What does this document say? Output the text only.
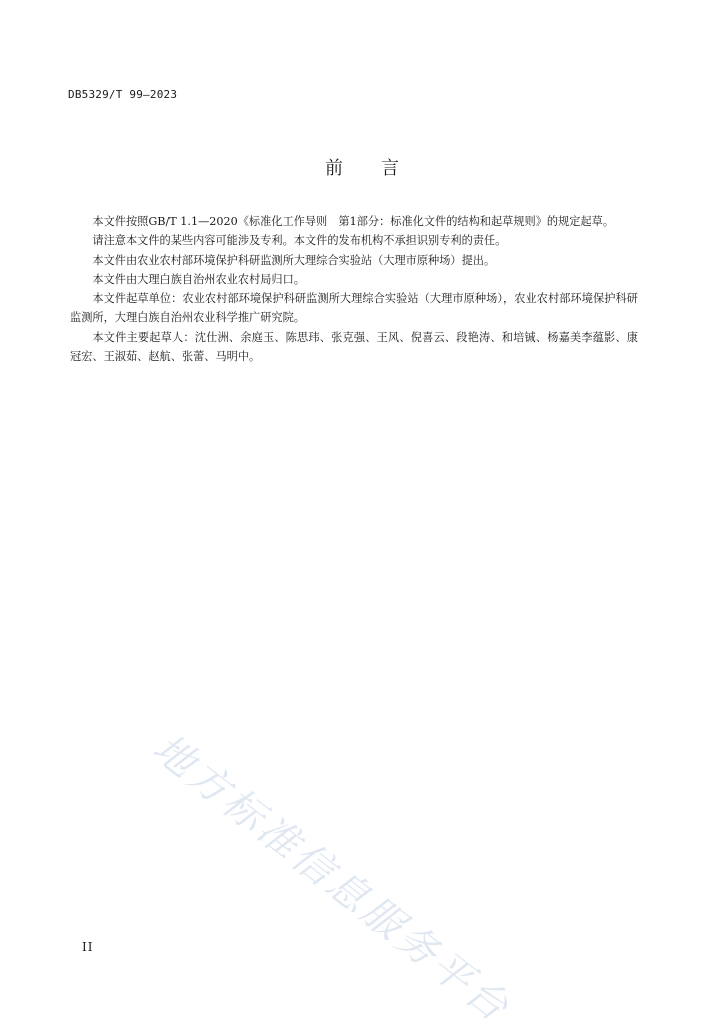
DB5329/T 99—2023
前言

本文件按照GB/T 1.1—2020《标准化工作导则　第1部分：标准化文件的结构和起草规则》的规定起草。

请注意本文件的某些内容可能涉及专利。本文件的发布机构不承担识别专利的责任。

本文件由农业农村部环境保护科研监测所大理综合实验站（大理市原种场）提出。

本文件由大理白族自治州农业农村局归口。

本文件起草单位：农业农村部环境保护科研监测所大理综合实验站（大理市原种场），农业农村部环境保护科研监测所，大理白族自治州农业科学推广研究院。

本文件主要起草人：沈仕洲、余庭玉、陈思玮、张克强、王风、倪喜云、段艳涛、和培铖、杨嘉美李蕴影、康冠宏、王淑茹、赵航、张蕾、马明中。

地方标准信息服务平台
II
